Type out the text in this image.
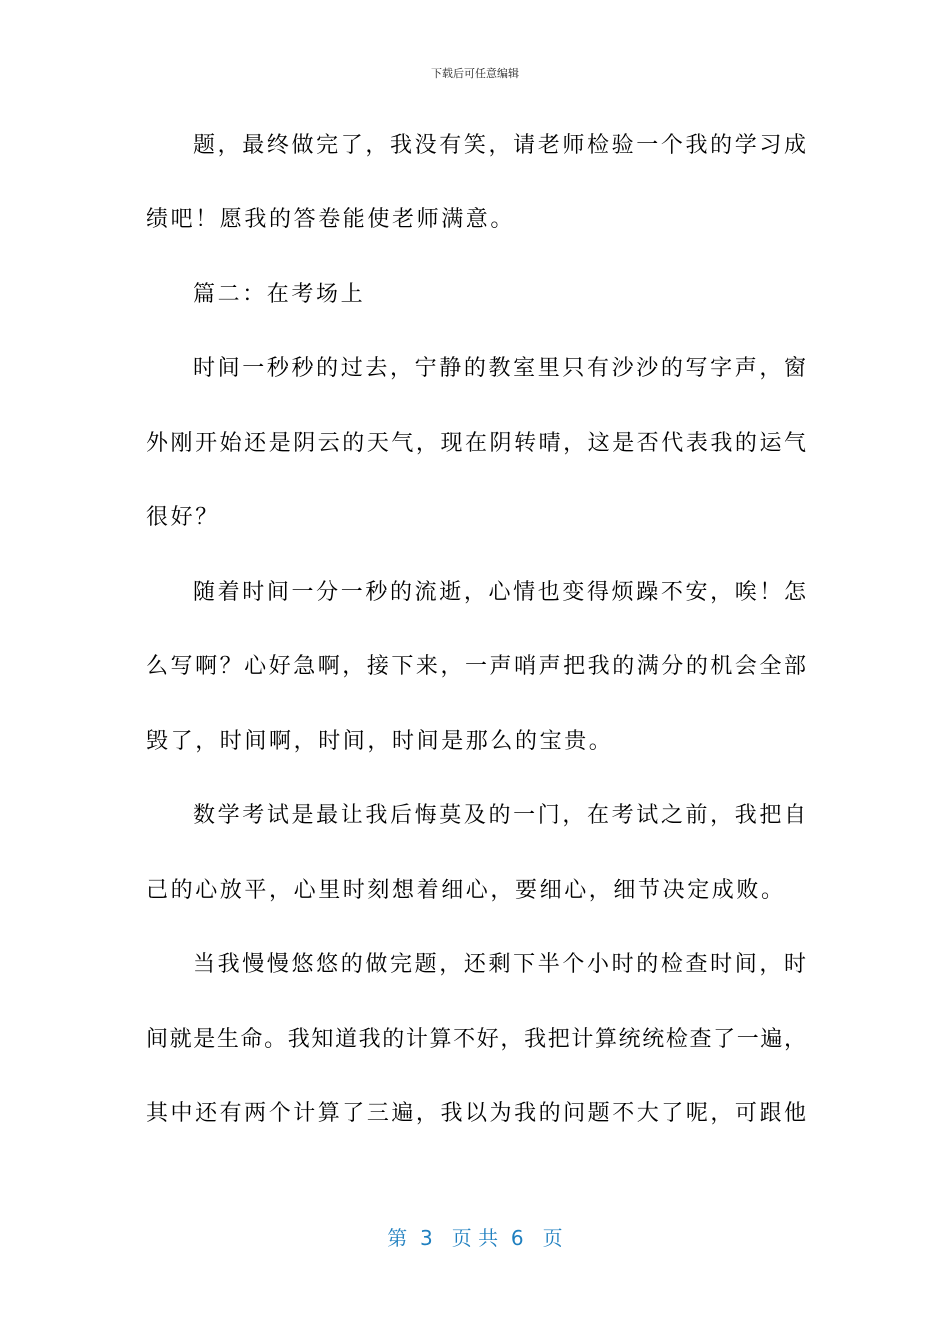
下载后可任意编辑
题，最终做完了，我没有笑，请老师检验一个我的学习成
绩吧！愿我的答卷能使老师满意。
篇二：在考场上
时间一秒秒的过去，宁静的教室里只有沙沙的写字声，窗
外刚开始还是阴云的天气，现在阴转晴，这是否代表我的运气
很好？
随着时间一分一秒的流逝，心情也变得烦躁不安，唉！怎
么写啊？心好急啊，接下来，一声哨声把我的满分的机会全部
毁了，时间啊，时间，时间是那么的宝贵。
数学考试是最让我后悔莫及的一门，在考试之前，我把自
己的心放平，心里时刻想着细心，要细心，细节决定成败。
当我慢慢悠悠的做完题，还剩下半个小时的检查时间，时
间就是生命。我知道我的计算不好，我把计算统统检查了一遍，
其中还有两个计算了三遍，我以为我的问题不大了呢，可跟他
第  3   页 共  6   页
